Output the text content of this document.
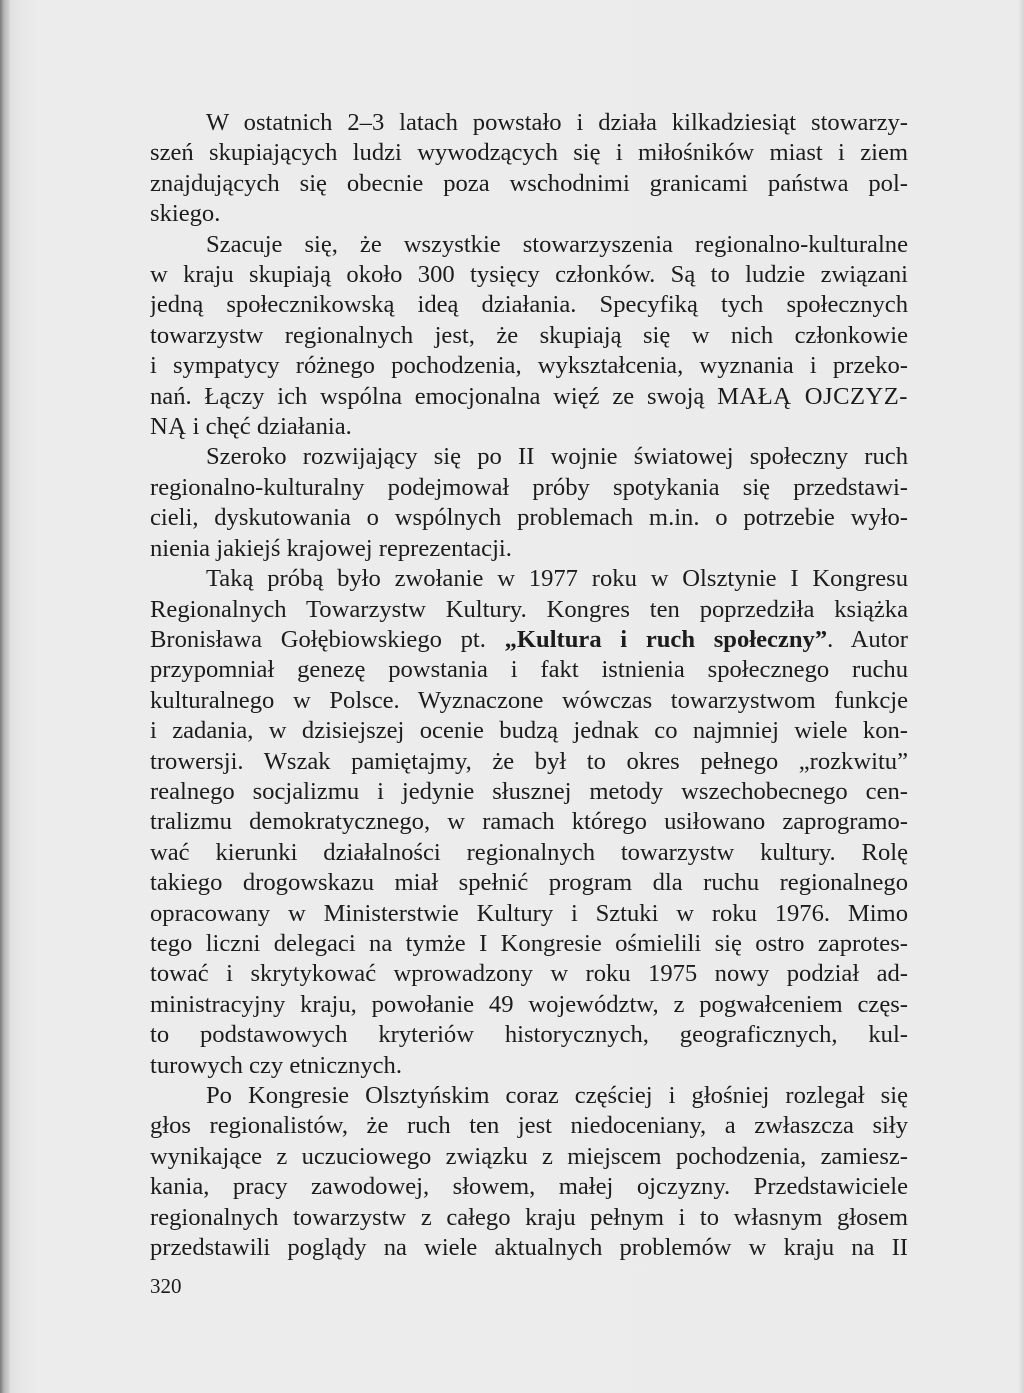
W ostatnich 2–3 latach powstało i działa kilkadziesiąt stowarzy-
szeń skupiających ludzi wywodzących się i miłośników miast i ziem
znajdujących się obecnie poza wschodnimi granicami państwa pol-
skiego.
Szacuje się, że wszystkie stowarzyszenia regionalno-kulturalne
w kraju skupiają około 300 tysięcy członków. Są to ludzie związani
jedną społecznikowską ideą działania. Specyfiką tych społecznych
towarzystw regionalnych jest, że skupiają się w nich członkowie
i sympatycy różnego pochodzenia, wykształcenia, wyznania i przeko-
nań. Łączy ich wspólna emocjonalna więź ze swoją MAŁĄ OJCZYZ-
NĄ i chęć działania.
Szeroko rozwijający się po II wojnie światowej społeczny ruch
regionalno-kulturalny podejmował próby spotykania się przedstawi-
cieli, dyskutowania o wspólnych problemach m.in. o potrzebie wyło-
nienia jakiejś krajowej reprezentacji.
Taką próbą było zwołanie w 1977 roku w Olsztynie I Kongresu
Regionalnych Towarzystw Kultury. Kongres ten poprzedziła książka
Bronisława Gołębiowskiego pt. „Kultura i ruch społeczny”. Autor
przypomniał genezę powstania i fakt istnienia społecznego ruchu
kulturalnego w Polsce. Wyznaczone wówczas towarzystwom funkcje
i zadania, w dzisiejszej ocenie budzą jednak co najmniej wiele kon-
trowersji. Wszak pamiętajmy, że był to okres pełnego „rozkwitu”
realnego socjalizmu i jedynie słusznej metody wszechobecnego cen-
tralizmu demokratycznego, w ramach którego usiłowano zaprogramo-
wać kierunki działalności regionalnych towarzystw kultury. Rolę
takiego drogowskazu miał spełnić program dla ruchu regionalnego
opracowany w Ministerstwie Kultury i Sztuki w roku 1976. Mimo
tego liczni delegaci na tymże I Kongresie ośmielili się ostro zaprotes-
tować i skrytykować wprowadzony w roku 1975 nowy podział ad-
ministracyjny kraju, powołanie 49 województw, z pogwałceniem częs-
to podstawowych kryteriów historycznych, geograficznych, kul-
turowych czy etnicznych.
Po Kongresie Olsztyńskim coraz częściej i głośniej rozlegał się
głos regionalistów, że ruch ten jest niedoceniany, a zwłaszcza siły
wynikające z uczuciowego związku z miejscem pochodzenia, zamiesz-
kania, pracy zawodowej, słowem, małej ojczyzny. Przedstawiciele
regionalnych towarzystw z całego kraju pełnym i to własnym głosem
przedstawili poglądy na wiele aktualnych problemów w kraju na II
320
